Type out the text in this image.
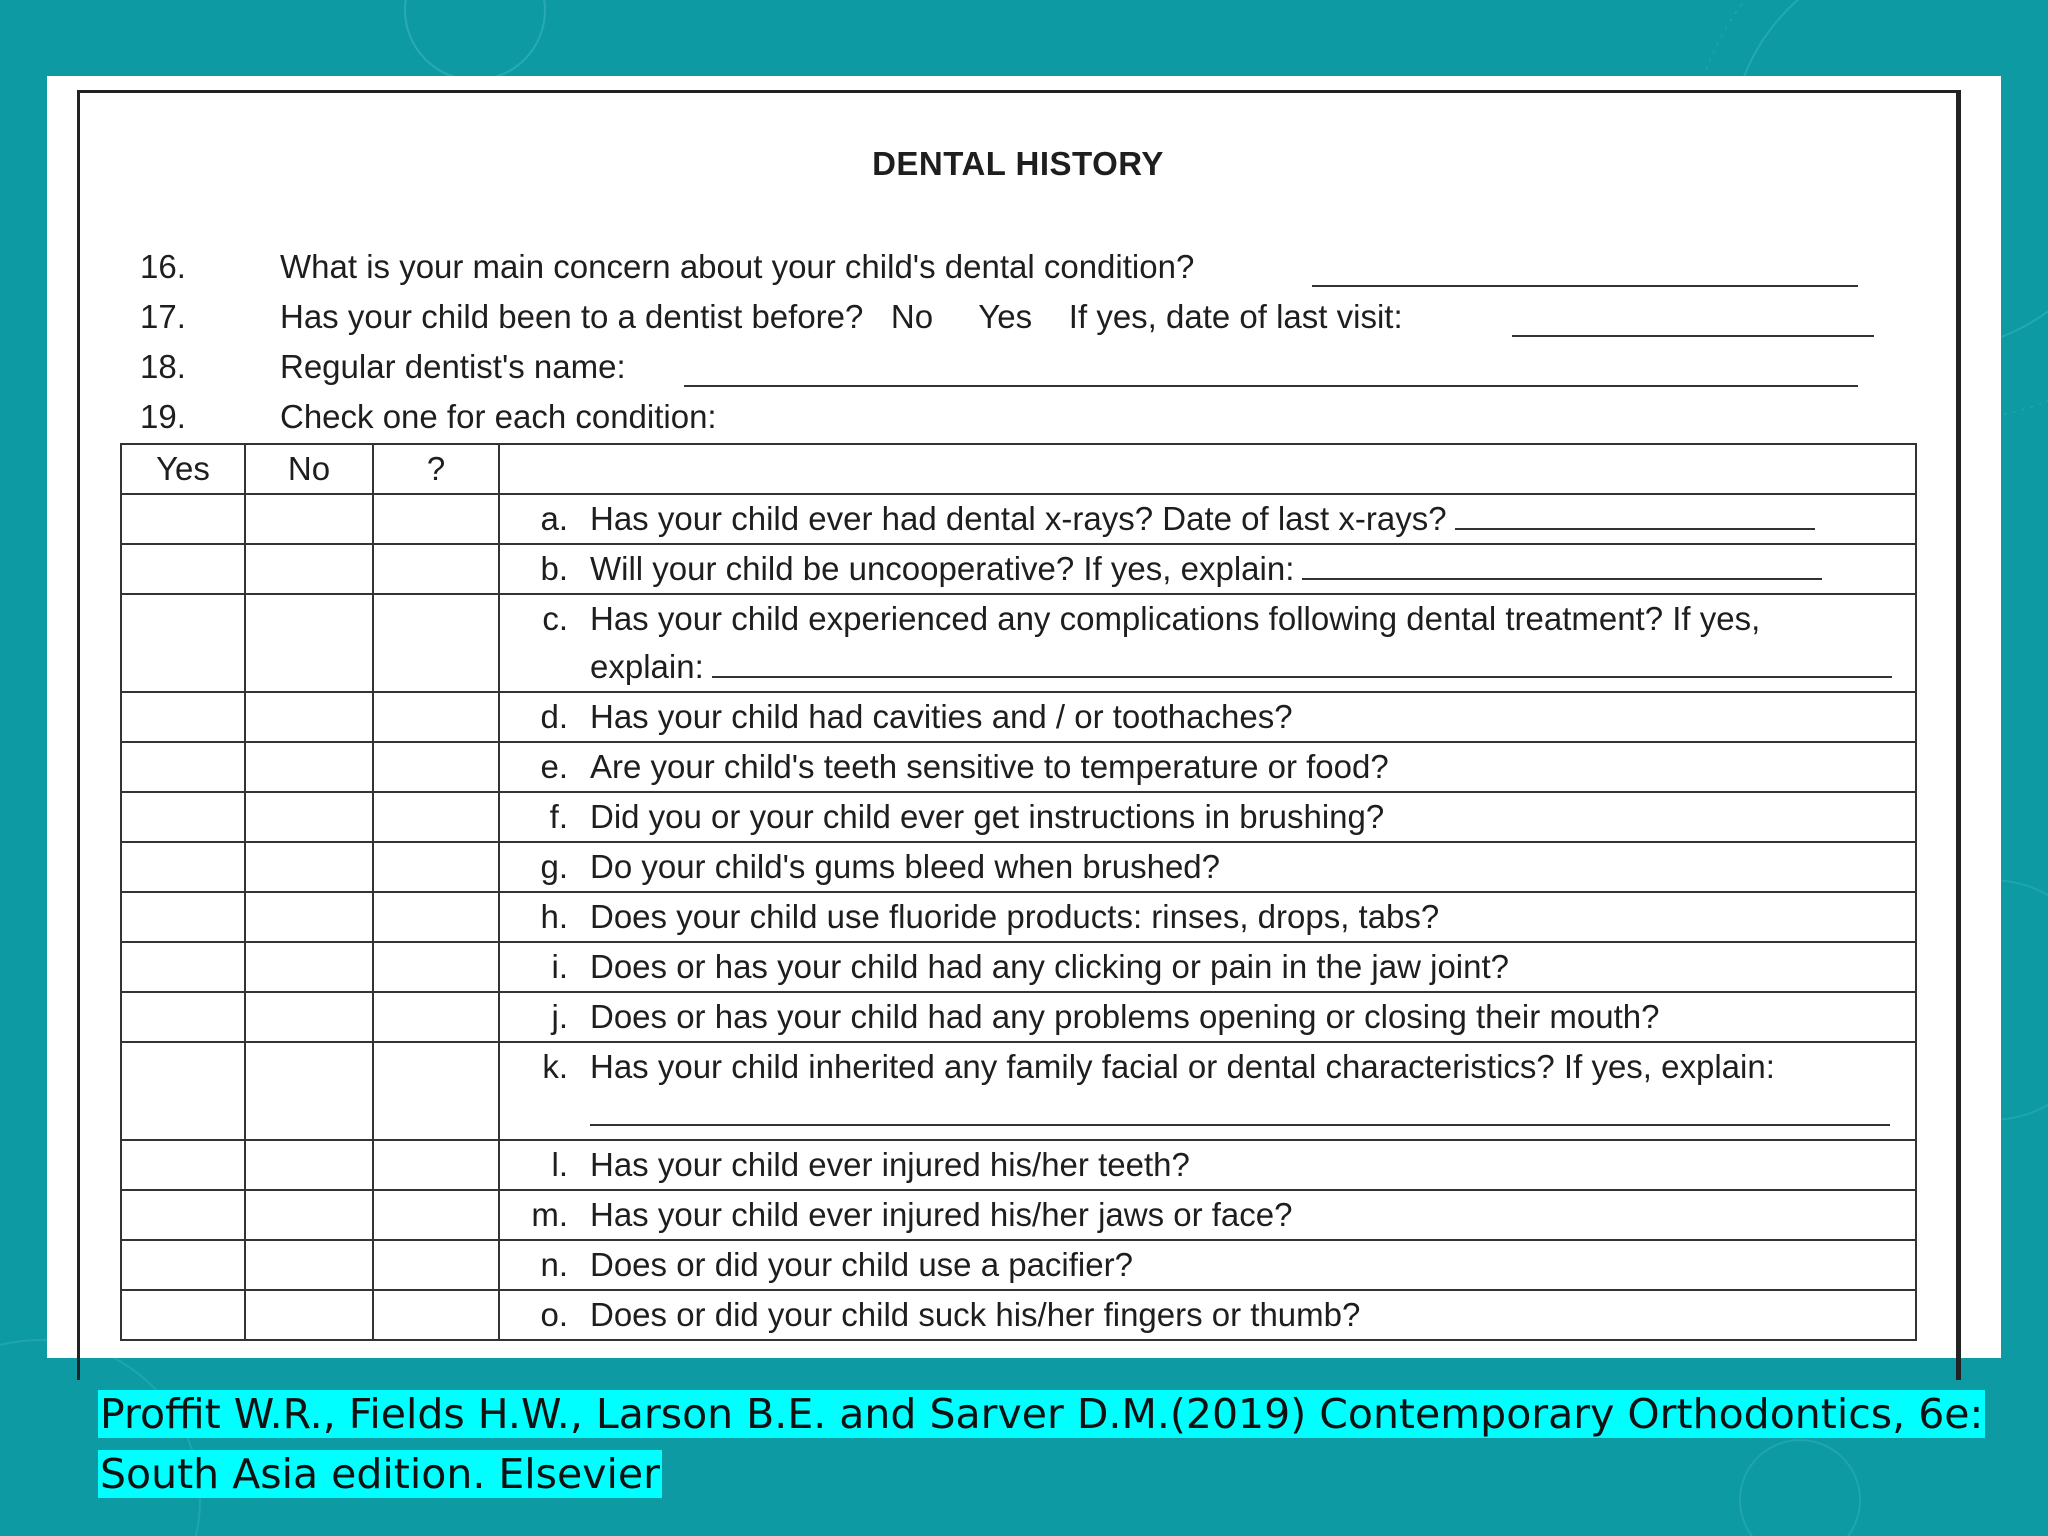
DENTAL HISTORY
16.	What is your main concern about your child's dental condition?
17.	Has your child been to a dentist before?   No     Yes    If yes, date of last visit:
18.	Regular dentist's name:
19.	Check one for each condition:
Yes	No	?	

			a. Has your child ever had dental x-rays? Date of last x-rays?

			b. Will your child be uncooperative? If yes, explain:

			c. Has your child experienced any complications following dental treatment? If yes,
explain:

			d. Has your child had cavities and / or toothaches?

			e. Are your child's teeth sensitive to temperature or food?

			f. Did you or your child ever get instructions in brushing?

			g. Do your child's gums bleed when brushed?

			h. Does your child use fluoride products: rinses, drops, tabs?

			i. Does or has your child had any clicking or pain in the jaw joint?

			j. Does or has your child had any problems opening or closing their mouth?

			k. Has your child inherited any family facial or dental characteristics? If yes, explain:

			l. Has your child ever injured his/her teeth?

			m. Has your child ever injured his/her jaws or face?

			n. Does or did your child use a pacifier?

			o. Does or did your child suck his/her fingers or thumb?
Proffit W.R., Fields H.W., Larson B.E. and Sarver D.M.(2019) Contemporary Orthodontics, 6e:
South Asia edition. Elsevier
